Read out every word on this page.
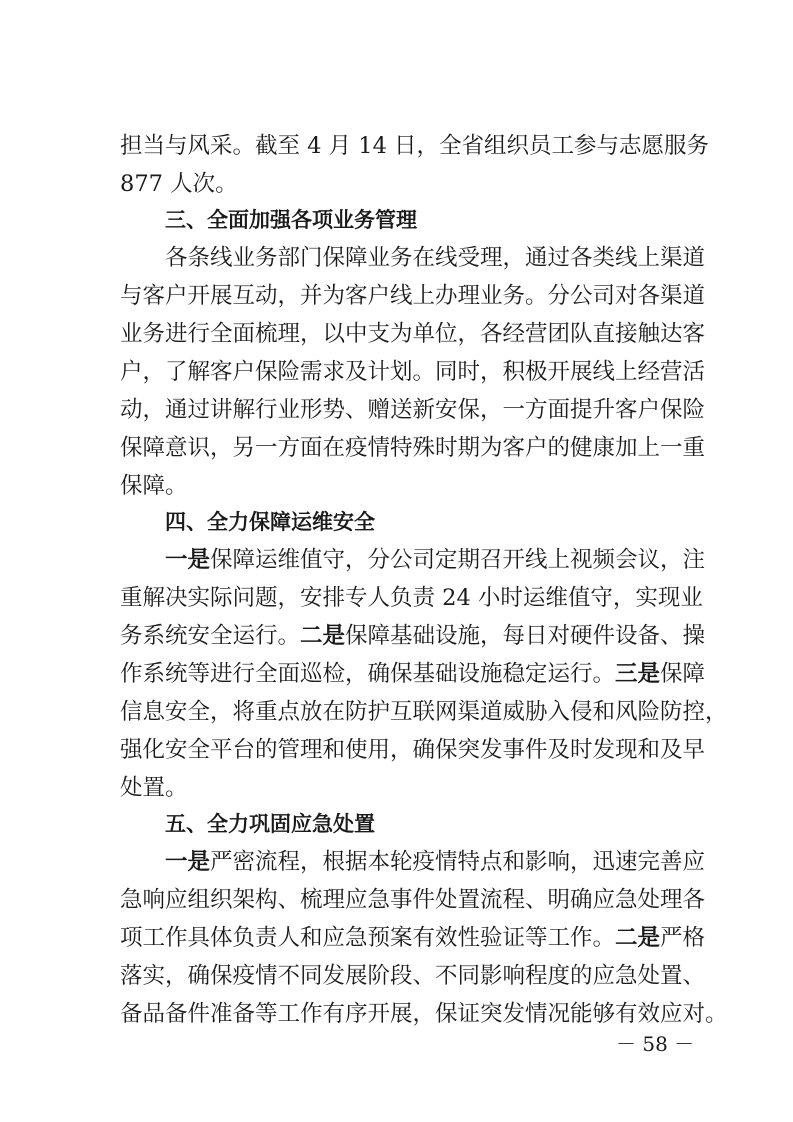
担当与风采。截至 4 月 14 日，全省组织员工参与志愿服务
877 人次。
三、全面加强各项业务管理
各条线业务部门保障业务在线受理，通过各类线上渠道
与客户开展互动，并为客户线上办理业务。分公司对各渠道
业务进行全面梳理，以中支为单位，各经营团队直接触达客
户，了解客户保险需求及计划。同时，积极开展线上经营活
动，通过讲解行业形势、赠送新安保，一方面提升客户保险
保障意识，另一方面在疫情特殊时期为客户的健康加上一重
保障。
四、全力保障运维安全
一是保障运维值守，分公司定期召开线上视频会议，注
重解决实际问题，安排专人负责 24 小时运维值守，实现业
务系统安全运行。二是保障基础设施，每日对硬件设备、操
作系统等进行全面巡检，确保基础设施稳定运行。三是保障
信息安全，将重点放在防护互联网渠道威胁入侵和风险防控，
强化安全平台的管理和使用，确保突发事件及时发现和及早
处置。
五、全力巩固应急处置
一是严密流程，根据本轮疫情特点和影响，迅速完善应
急响应组织架构、梳理应急事件处置流程、明确应急处理各
项工作具体负责人和应急预案有效性验证等工作。二是严格
落实，确保疫情不同发展阶段、不同影响程度的应急处置、
备品备件准备等工作有序开展，保证突发情况能够有效应对。
－ 58 －
